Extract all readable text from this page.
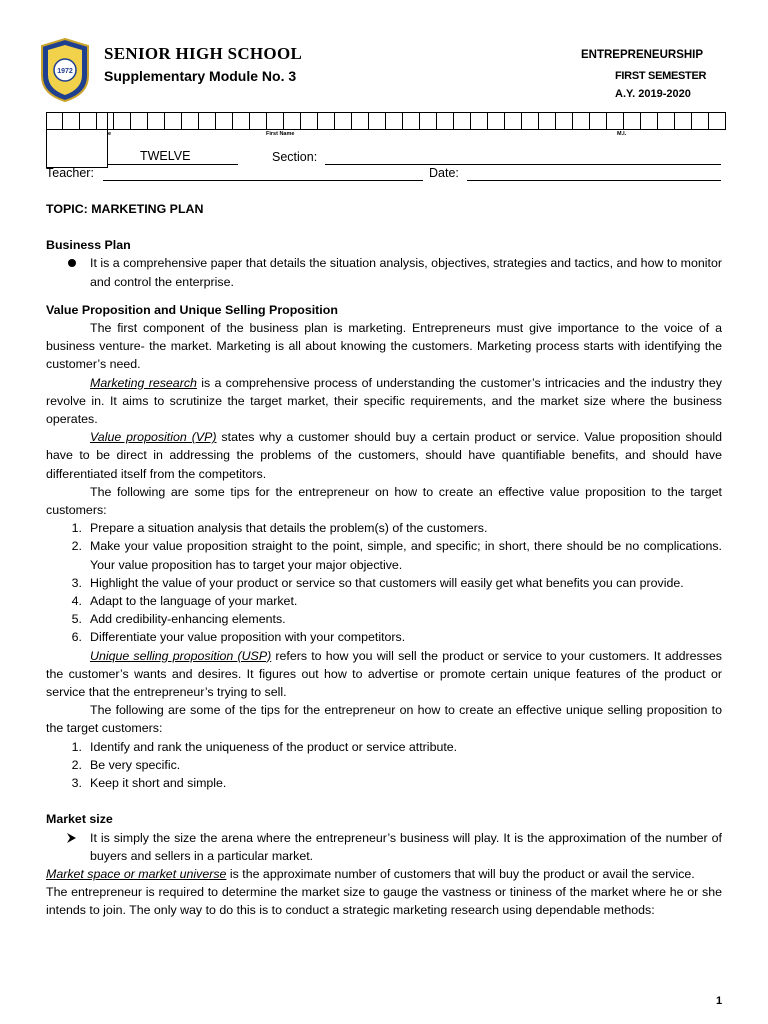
1972
SENIOR HIGH SCHOOL
Supplementary Module No. 3
ENTREPRENEURSHIP
FIRST SEMESTER
A.Y. 2019-2020
e	First Name	M.I.
TWELVE	Section:
Teacher:	Date:

TOPIC: MARKETING PLAN

Business Plan

It is a comprehensive paper that details the situation analysis, objectives, strategies and tactics, and how to monitor and control the enterprise.

Value Proposition and Unique Selling Proposition

The first component of the business plan is marketing. Entrepreneurs must give importance to the voice of a business venture- the market. Marketing is all about knowing the customers. Marketing process starts with identifying the customer’s need.

Marketing research is a comprehensive process of understanding the customer’s intricacies and the industry they revolve in. It aims to scrutinize the target market, their specific requirements, and the market size where the business operates.

Value proposition (VP) states why a customer should buy a certain product or service. Value proposition should have to be direct in addressing the problems of the customers, should have quantifiable benefits, and should have differentiated itself from the competitors.

The following are some tips for the entrepreneur on how to create an effective value proposition to the target customers:

1. Prepare a situation analysis that details the problem(s) of the customers.
2. Make your value proposition straight to the point, simple, and specific; in short, there should be no complications. Your value proposition has to target your major objective.
3. Highlight the value of your product or service so that customers will easily get what benefits you can provide.
4. Adapt to the language of your market.
5. Add credibility-enhancing elements.
6. Differentiate your value proposition with your competitors.

Unique selling proposition (USP) refers to how you will sell the product or service to your customers. It addresses the customer’s wants and desires. It figures out how to advertise or promote certain unique features of the product or service that the entrepreneur’s trying to sell.

The following are some of the tips for the entrepreneur on how to create an effective unique selling proposition to the target customers:

1. Identify and rank the uniqueness of the product or service attribute.
2. Be very specific.
3. Keep it short and simple.

Market size

It is simply the size the arena where the entrepreneur’s business will play. It is the approximation of the number of buyers and sellers in a particular market.

Market space or market universe is the approximate number of customers that will buy the product or avail the service.

The entrepreneur is required to determine the market size to gauge the vastness or tininess of the market where he or she intends to join. The only way to do this is to conduct a strategic marketing research using dependable methods:

1
